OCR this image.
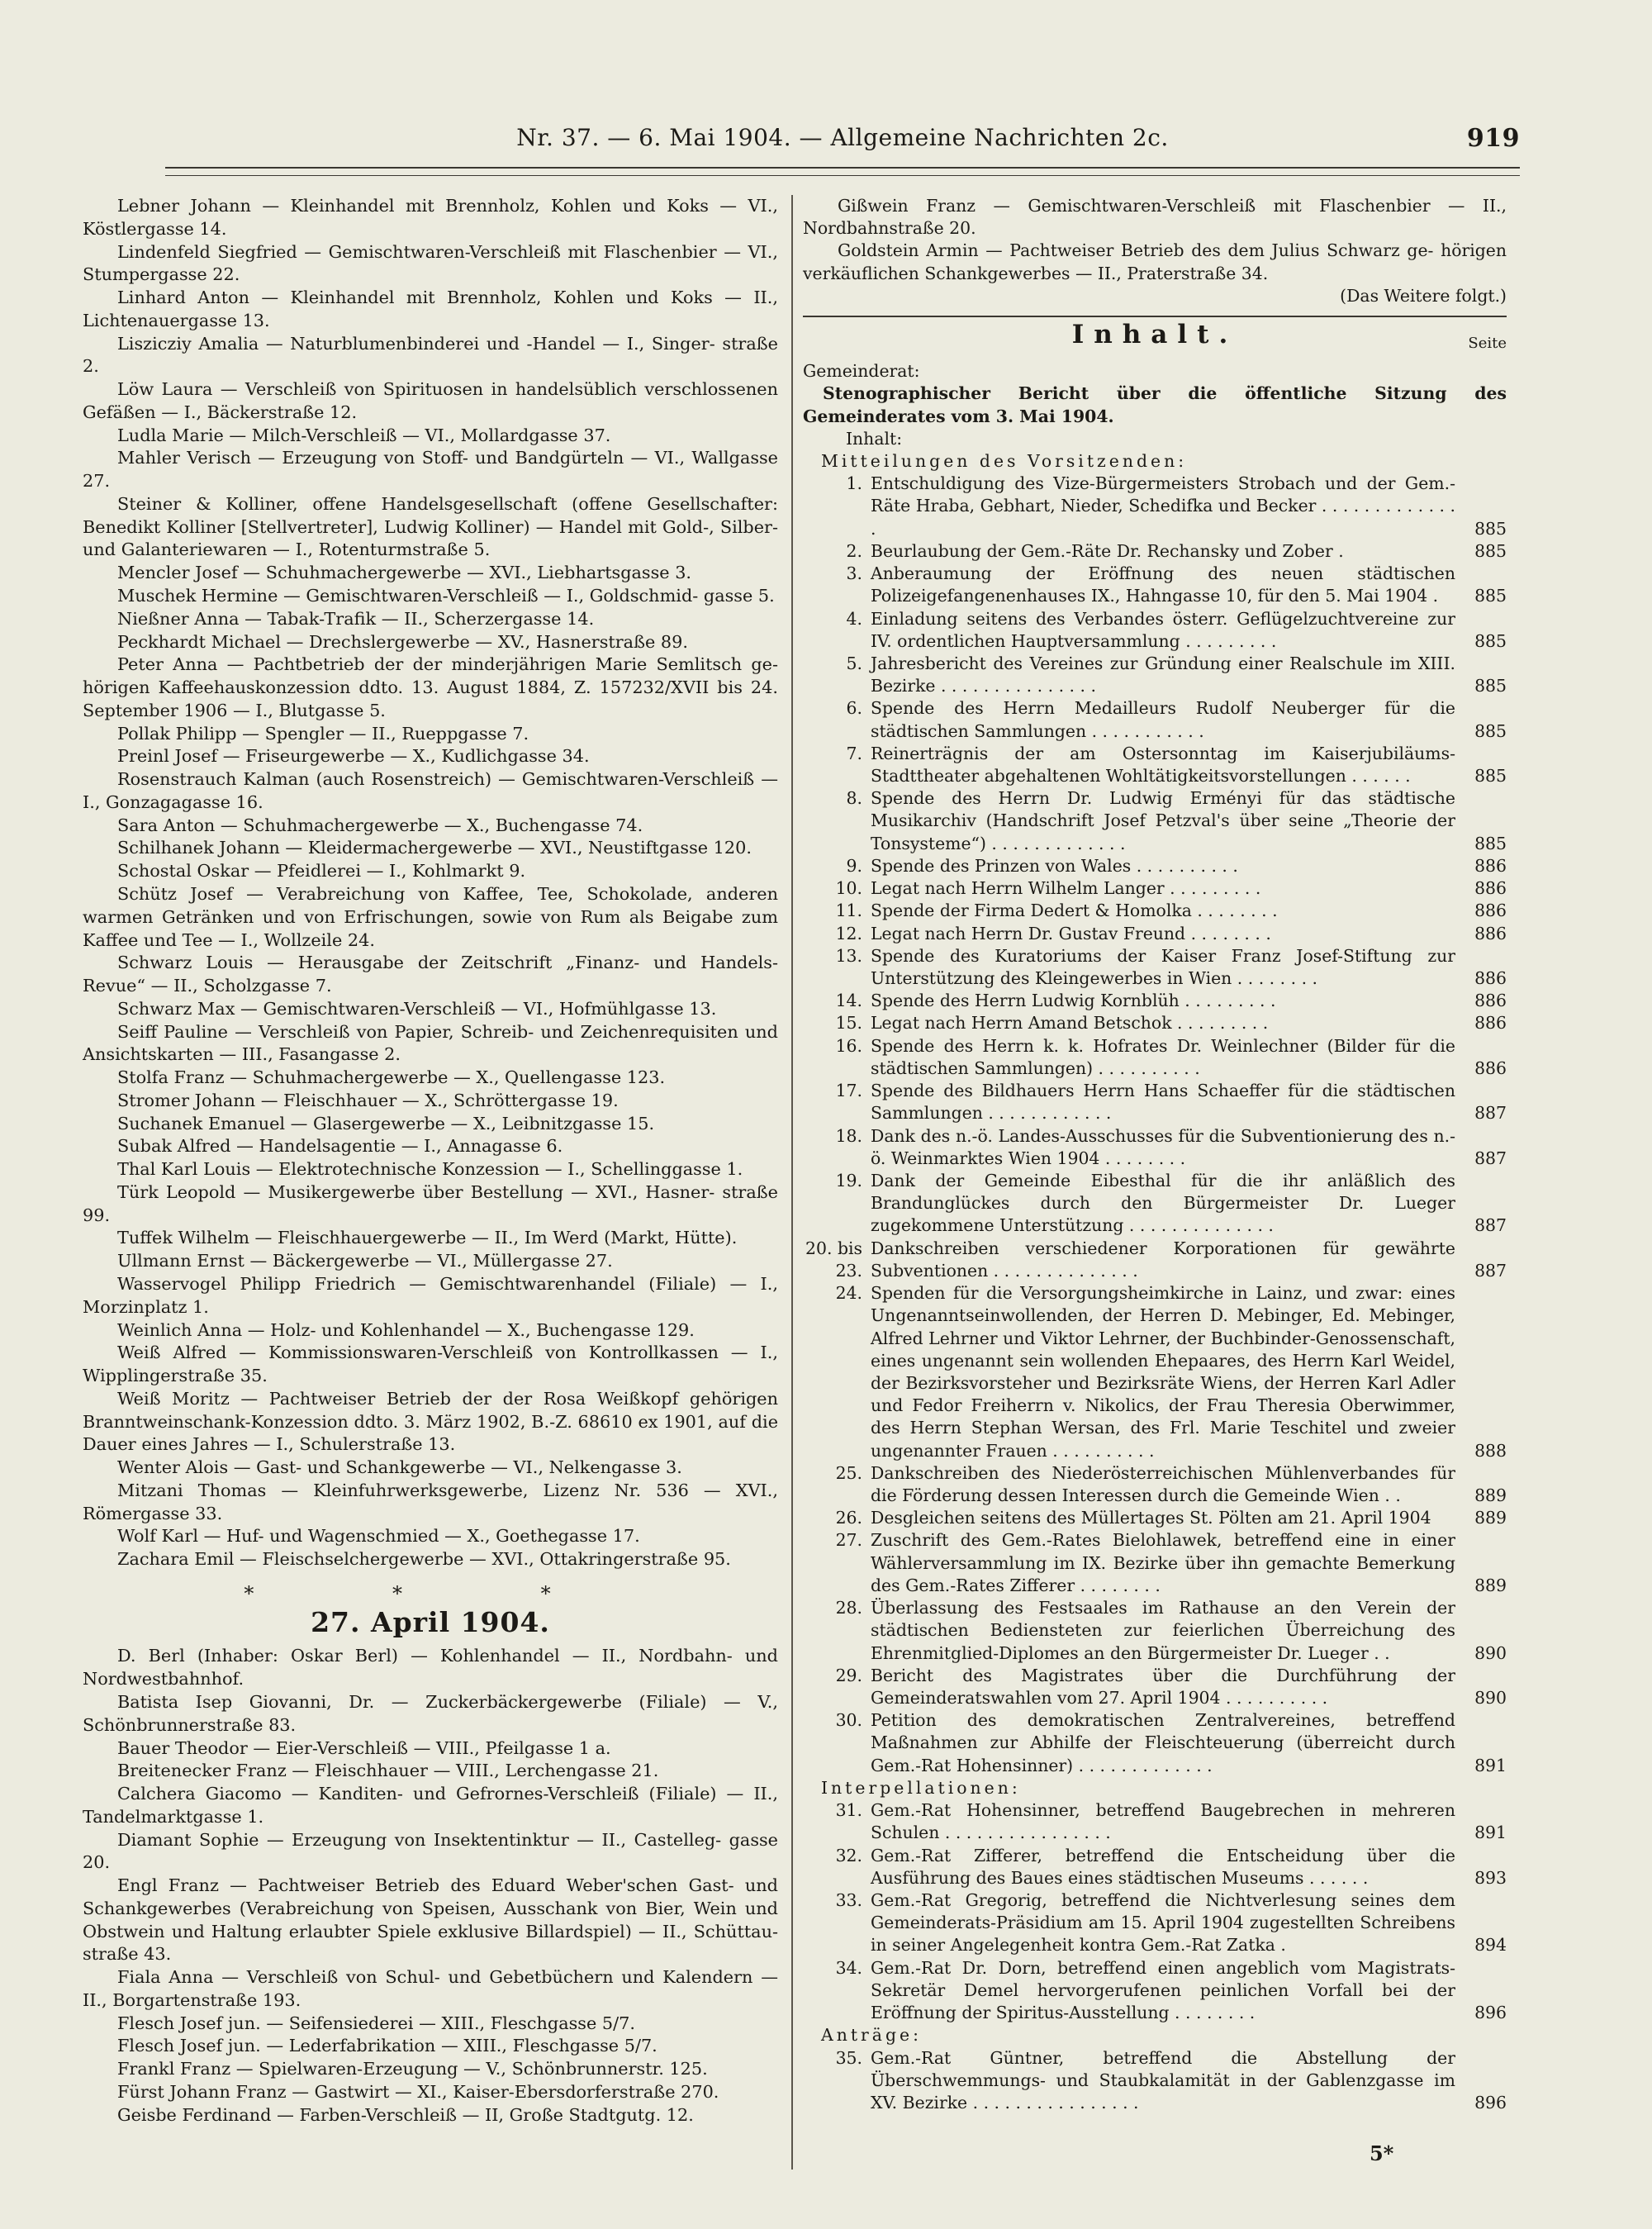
Nr. 37. — 6. Mai 1904. — Allgemeine Nachrichten 2c.	919

Lebner Johann — Kleinhandel mit Brennholz, Kohlen und Koks — VI., Köstlergasse 14.

Lindenfeld Siegfried — Gemischtwaren-Verschleiß mit Flaschenbier — VI., Stumpergasse 22.

Linhard Anton — Kleinhandel mit Brennholz, Kohlen und Koks — II., Lichtenauergasse 13.

Liszicziy Amalia — Naturblumenbinderei und -Handel — I., Singer- straße 2.

Löw Laura — Verschleiß von Spirituosen in handelsüblich verschlossenen Gefäßen — I., Bäckerstraße 12.

Ludla Marie — Milch-Verschleiß — VI., Mollardgasse 37.

Mahler Verisch — Erzeugung von Stoff- und Bandgürteln — VI., Wallgasse 27.

Steiner & Kolliner, offene Handelsgesellschaft (offene Gesellschafter: Benedikt Kolliner [Stellvertreter], Ludwig Kolliner) — Handel mit Gold-, Silber- und Galanteriewaren — I., Rotenturmstraße 5.

Mencler Josef — Schuhmachergewerbe — XVI., Liebhartsgasse 3.

Muschek Hermine — Gemischtwaren-Verschleiß — I., Goldschmid- gasse 5.

Nießner Anna — Tabak-Trafik — II., Scherzergasse 14.

Peckhardt Michael — Drechslergewerbe — XV., Hasnerstraße 89.

Peter Anna — Pachtbetrieb der der minderjährigen Marie Semlitsch ge- hörigen Kaffeehauskonzession ddto. 13. August 1884, Z. 157232/XVII bis 24. September 1906 — I., Blutgasse 5.

Pollak Philipp — Spengler — II., Rueppgasse 7.

Preinl Josef — Friseurgewerbe — X., Kudlichgasse 34.

Rosenstrauch Kalman (auch Rosenstreich) — Gemischtwaren-Verschleiß — I., Gonzagagasse 16.

Sara Anton — Schuhmachergewerbe — X., Buchengasse 74.

Schilhanek Johann — Kleidermachergewerbe — XVI., Neustiftgasse 120.

Schostal Oskar — Pfeidlerei — I., Kohlmarkt 9.

Schütz Josef — Verabreichung von Kaffee, Tee, Schokolade, anderen warmen Getränken und von Erfrischungen, sowie von Rum als Beigabe zum Kaffee und Tee — I., Wollzeile 24.

Schwarz Louis — Herausgabe der Zeitschrift „Finanz- und Handels- Revue“ — II., Scholzgasse 7.

Schwarz Max — Gemischtwaren-Verschleiß — VI., Hofmühlgasse 13.

Seiff Pauline — Verschleiß von Papier, Schreib- und Zeichenrequisiten und Ansichtskarten — III., Fasangasse 2.

Stolfa Franz — Schuhmachergewerbe — X., Quellengasse 123.

Stromer Johann — Fleischhauer — X., Schröttergasse 19.

Suchanek Emanuel — Glasergewerbe — X., Leibnitzgasse 15.

Subak Alfred — Handelsagentie — I., Annagasse 6.

Thal Karl Louis — Elektrotechnische Konzession — I., Schellinggasse 1.

Türk Leopold — Musikergewerbe über Bestellung — XVI., Hasner- straße 99.

Tuffek Wilhelm — Fleischhauergewerbe — II., Im Werd (Markt, Hütte).

Ullmann Ernst — Bäckergewerbe — VI., Müllergasse 27.

Wasservogel Philipp Friedrich — Gemischtwarenhandel (Filiale) — I., Morzinplatz 1.

Weinlich Anna — Holz- und Kohlenhandel — X., Buchengasse 129.

Weiß Alfred — Kommissionswaren-Verschleiß von Kontrollkassen — I., Wipplingerstraße 35.

Weiß Moritz — Pachtweiser Betrieb der der Rosa Weißkopf gehörigen Branntweinschank-Konzession ddto. 3. März 1902, B.-Z. 68610 ex 1901, auf die Dauer eines Jahres — I., Schulerstraße 13.

Wenter Alois — Gast- und Schankgewerbe — VI., Nelkengasse 3.

Mitzani Thomas — Kleinfuhrwerksgewerbe, Lizenz Nr. 536 — XVI., Römergasse 33.

Wolf Karl — Huf- und Wagenschmied — X., Goethegasse 17.

Zachara Emil — Fleischselchergewerbe — XVI., Ottakringerstraße 95.

* * *
27. April 1904.

D. Berl (Inhaber: Oskar Berl) — Kohlenhandel — II., Nordbahn- und Nordwestbahnhof.

Batista Isep Giovanni, Dr. — Zuckerbäckergewerbe (Filiale) — V., Schönbrunnerstraße 83.

Bauer Theodor — Eier-Verschleiß — VIII., Pfeilgasse 1 a.

Breitenecker Franz — Fleischhauer — VIII., Lerchengasse 21.

Calchera Giacomo — Kanditen- und Gefrornes-Verschleiß (Filiale) — II., Tandelmarktgasse 1.

Diamant Sophie — Erzeugung von Insektentinktur — II., Castelleg- gasse 20.

Engl Franz — Pachtweiser Betrieb des Eduard Weber'schen Gast- und Schankgewerbes (Verabreichung von Speisen, Ausschank von Bier, Wein und Obstwein und Haltung erlaubter Spiele exklusive Billardspiel) — II., Schüttau-straße 43.

Fiala Anna — Verschleiß von Schul- und Gebetbüchern und Kalendern — II., Borgartenstraße 193.

Flesch Josef jun. — Seifensiederei — XIII., Fleschgasse 5/7.

Flesch Josef jun. — Lederfabrikation — XIII., Fleschgasse 5/7.

Frankl Franz — Spielwaren-Erzeugung — V., Schönbrunnerstr. 125.

Fürst Johann Franz — Gastwirt — XI., Kaiser-Ebersdorferstraße 270.

Geisbe Ferdinand — Farben-Verschleiß — II, Große Stadtgutg. 12.

Gißwein Franz — Gemischtwaren-Verschleiß mit Flaschenbier — II., Nordbahnstraße 20.

Goldstein Armin — Pachtweiser Betrieb des dem Julius Schwarz ge- hörigen verkäuflichen Schankgewerbes — II., Praterstraße 34.

(Das Weitere folgt.)

Inhalt.	Seite

Gemeinderat:

Stenographischer Bericht über die öffentliche Sitzung des Gemeinderates vom 3. Mai 1904.

Inhalt:

Mitteilungen des Vorsitzenden:

1. Entschuldigung des Vize-Bürgermeisters Strobach und der Gem.-Räte Hraba, Gebhart, Nieder, Schedifka und Becker . . . . . . . . . . . . . .	885
2. Beurlaubung der Gem.-Räte Dr. Rechansky und Zober .	885
3. Anberaumung der Eröffnung des neuen städtischen Polizeigefangenenhauses IX., Hahngasse 10, für den 5. Mai 1904 .	885
4. Einladung seitens des Verbandes österr. Geflügelzuchtvereine zur IV. ordentlichen Hauptversammlung . . . . . . . . .	885
5. Jahresbericht des Vereines zur Gründung einer Realschule im XIII. Bezirke . . . . . . . . . . . . . . .	885
6. Spende des Herrn Medailleurs Rudolf Neuberger für die städtischen Sammlungen . . . . . . . . . . .	885
7. Reinerträgnis der am Ostersonntag im Kaiserjubiläums-Stadttheater abgehaltenen Wohltätigkeitsvorstellungen . . . . . .	885
8. Spende des Herrn Dr. Ludwig Erményi für das städtische Musikarchiv (Handschrift Josef Petzval's über seine „Theorie der Tonsysteme“) . . . . . . . . . . . . .	885
9. Spende des Prinzen von Wales . . . . . . . . . .	886
10. Legat nach Herrn Wilhelm Langer . . . . . . . . .	886
11. Spende der Firma Dedert & Homolka . . . . . . . .	886
12. Legat nach Herrn Dr. Gustav Freund . . . . . . . .	886
13. Spende des Kuratoriums der Kaiser Franz Josef-Stiftung zur Unterstützung des Kleingewerbes in Wien . . . . . . . .	886
14. Spende des Herrn Ludwig Kornblüh . . . . . . . . .	886
15. Legat nach Herrn Amand Betschok . . . . . . . . .	886
16. Spende des Herrn k. k. Hofrates Dr. Weinlechner (Bilder für die städtischen Sammlungen) . . . . . . . . . .	886
17. Spende des Bildhauers Herrn Hans Schaeffer für die städtischen Sammlungen . . . . . . . . . . . .	887
18. Dank des n.-ö. Landes-Ausschusses für die Subventionierung des n.-ö. Weinmarktes Wien 1904 . . . . . . . .	887
19. Dank der Gemeinde Eibesthal für die ihr anläßlich des Brandunglückes durch den Bürgermeister Dr. Lueger zugekommene Unterstützung . . . . . . . . . . . . . .	887
20. bis 23.
Dankschreiben verschiedener Korporationen für gewährte Subventionen . . . . . . . . . . . . . .	887
24. Spenden für die Versorgungsheimkirche in Lainz, und zwar: eines Ungenanntseinwollenden, der Herren D. Mebinger, Ed. Mebinger, Alfred Lehrner und Viktor Lehrner, der Buchbinder-Genossenschaft, eines ungenannt sein wollenden Ehepaares, des Herrn Karl Weidel, der Bezirksvorsteher und Bezirksräte Wiens, der Herren Karl Adler und Fedor Freiherrn v. Nikolics, der Frau Theresia Oberwimmer, des Herrn Stephan Wersan, des Frl. Marie Teschitel und zweier ungenannter Frauen . . . . . . . . . .	888
25. Dankschreiben des Niederösterreichischen Mühlenverbandes für die Förderung dessen Interessen durch die Gemeinde Wien . .	889
26. Desgleichen seitens des Müllertages St. Pölten am 21. April 1904	889
27. Zuschrift des Gem.-Rates Bielohlawek, betreffend eine in einer Wählerversammlung im IX. Bezirke über ihn gemachte Bemerkung des Gem.-Rates Zifferer . . . . . . . .	889
28. Überlassung des Festsaales im Rathause an den Verein der städtischen Bediensteten zur feierlichen Überreichung des Ehrenmitglied-Diplomes an den Bürgermeister Dr. Lueger . .	890
29. Bericht des Magistrates über die Durchführung der Gemeinderatswahlen vom 27. April 1904 . . . . . . . . . .	890
30. Petition des demokratischen Zentralvereines, betreffend Maßnahmen zur Abhilfe der Fleischteuerung (überreicht durch Gem.-Rat Hohensinner) . . . . . . . . . . . . .	891

Interpellationen:

31. Gem.-Rat Hohensinner, betreffend Baugebrechen in mehreren Schulen . . . . . . . . . . . . . . . .	891
32. Gem.-Rat Zifferer, betreffend die Entscheidung über die Ausführung des Baues eines städtischen Museums . . . . . .	893
33. Gem.-Rat Gregorig, betreffend die Nichtverlesung seines dem Gemeinderats-Präsidium am 15. April 1904 zugestellten Schreibens in seiner Angelegenheit kontra Gem.-Rat Zatka .	894
34. Gem.-Rat Dr. Dorn, betreffend einen angeblich vom Magistrats-Sekretär Demel hervorgerufenen peinlichen Vorfall bei der Eröffnung der Spiritus-Ausstellung . . . . . . . .	896

Anträge:

35. Gem.-Rat Güntner, betreffend die Abstellung der Überschwemmungs- und Staubkalamität in der Gablenzgasse im XV. Bezirke . . . . . . . . . . . . . . . .	896
5*
